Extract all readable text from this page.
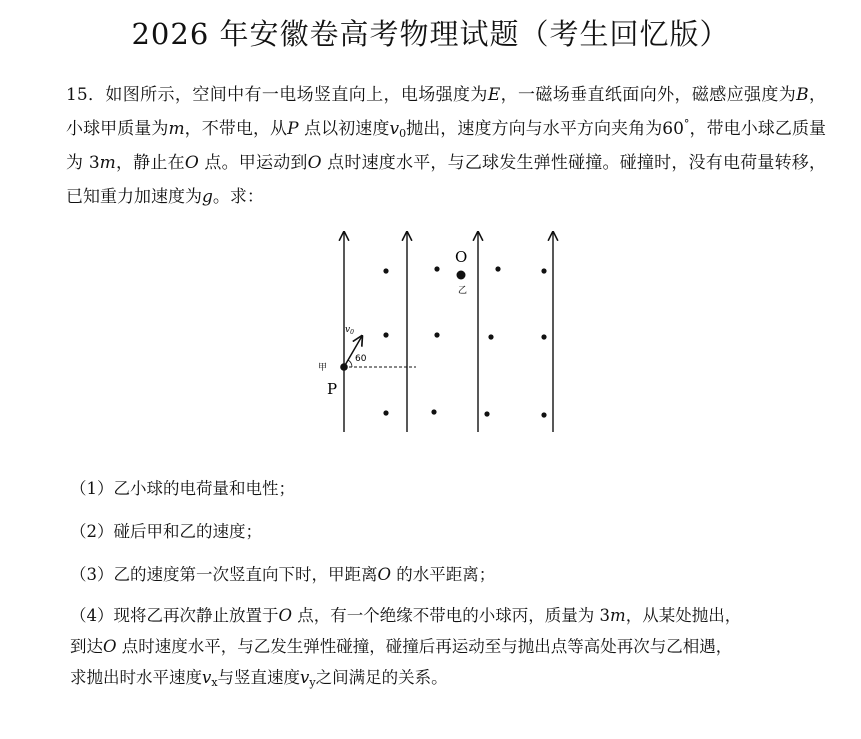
2026 年安徽卷高考物理试题（考生回忆版）
15．如图所示，空间中有一电场竖直向上，电场强度为E，一磁场垂直纸面向外，磁感应强度为B，小球甲质量为m，不带电，从P 点以初速度$v_0$抛出，速度方向与水平方向夹角为60°，带电小球乙质量为 3m，静止在O 点。甲运动到O 点时速度水平，与乙球发生弹性碰撞。碰撞时，没有电荷量转移，已知重力加速度为g。求：
O
乙
$v_0$
60
甲
P
（1）乙小球的电荷量和电性；
（2）碰后甲和乙的速度；
（3）乙的速度第一次竖直向下时，甲距离O 的水平距离；
（4）现将乙再次静止放置于O 点，有一个绝缘不带电的小球丙，质量为 3m，从某处抛出，
到达O 点时速度水平，与乙发生弹性碰撞，碰撞后再运动至与抛出点等高处再次与乙相遇，
求抛出时水平速度$v_x$与竖直速度$v_y$之间满足的关系。
